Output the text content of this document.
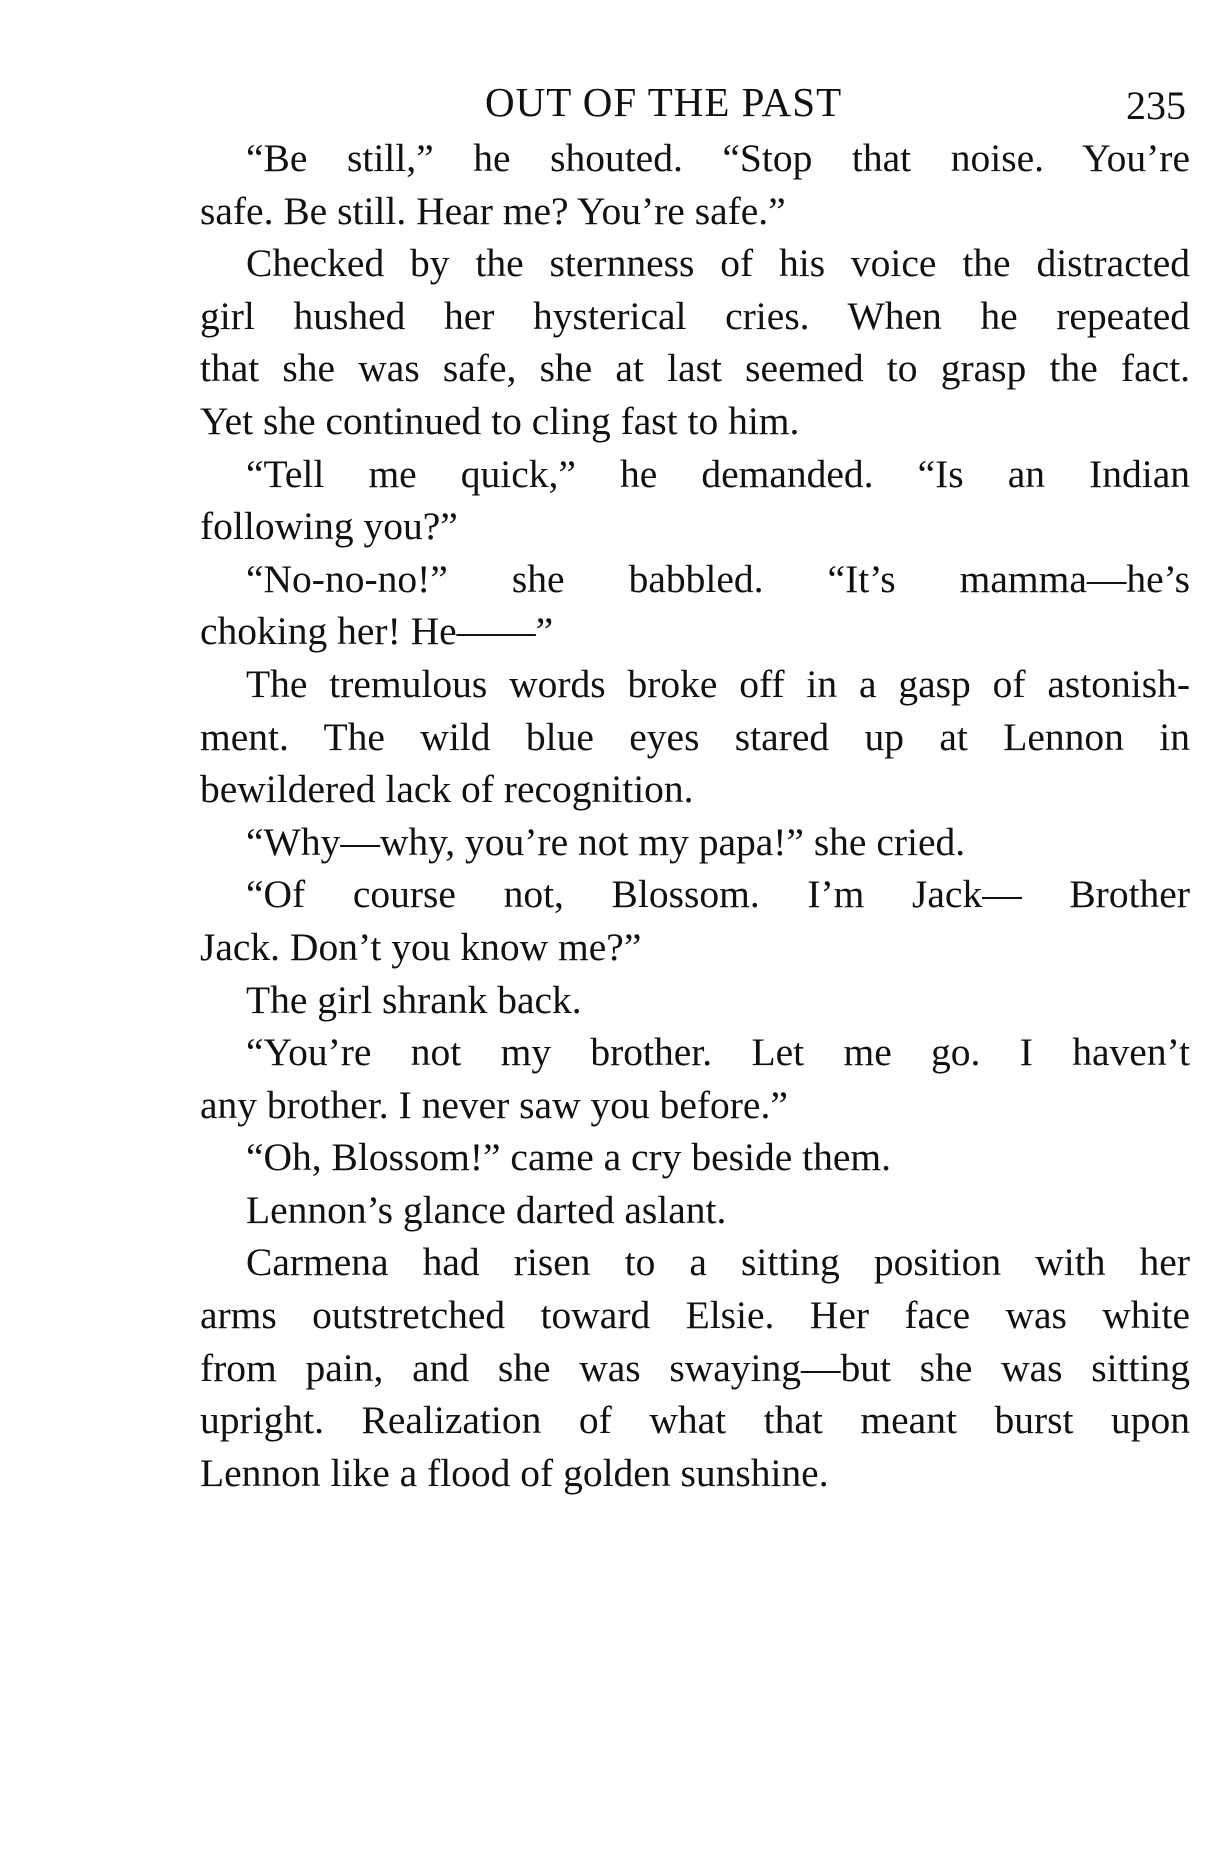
OUT OF THE PAST	235
“Be still,” he shouted. “Stop that noise. You’re
safe. Be still. Hear me? You’re safe.”
Checked by the sternness of his voice the distracted
girl hushed her hysterical cries. When he repeated
that she was safe, she at last seemed to grasp the fact.
Yet she continued to cling fast to him.
“Tell me quick,” he demanded. “Is an Indian
following you?”
“No-no-no!” she babbled. “It’s mamma—he’s
choking her! He——”
The tremulous words broke off in a gasp of astonish-
ment. The wild blue eyes stared up at Lennon in
bewildered lack of recognition.
“Why—why, you’re not my papa!” she cried.
“Of course not, Blossom. I’m Jack— Brother
Jack. Don’t you know me?”
The girl shrank back.
“You’re not my brother. Let me go. I haven’t
any brother. I never saw you before.”
“Oh, Blossom!” came a cry beside them.
Lennon’s glance darted aslant.
Carmena had risen to a sitting position with her
arms outstretched toward Elsie. Her face was white
from pain, and she was swaying—but she was sitting
upright. Realization of what that meant burst upon
Lennon like a flood of golden sunshine.
